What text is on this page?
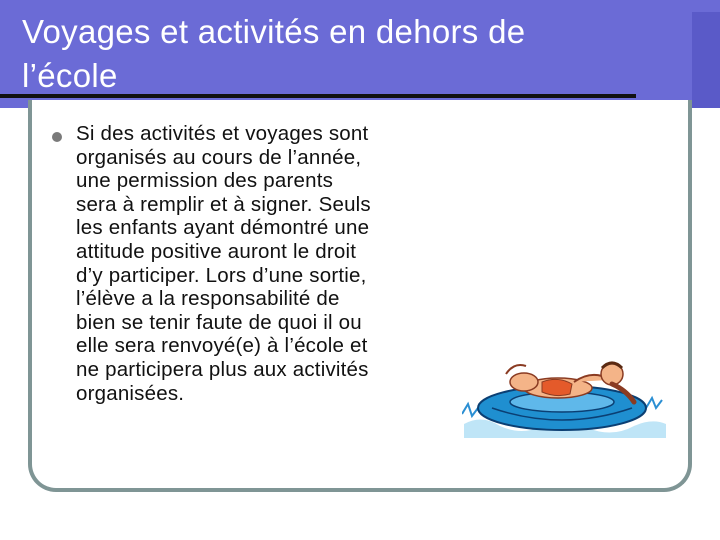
Voyages et activités en dehors de
l’école
Si des activités et voyages sont
organisés au cours de l’année,
une permission des parents
sera à remplir et à signer. Seuls
les enfants ayant démontré une
attitude positive auront le droit
d’y participer. Lors d’une sortie,
l’élève a la responsabilité de
bien se tenir faute de quoi il ou
elle sera renvoyé(e) à l’école et
ne participera plus aux activités
organisées.
